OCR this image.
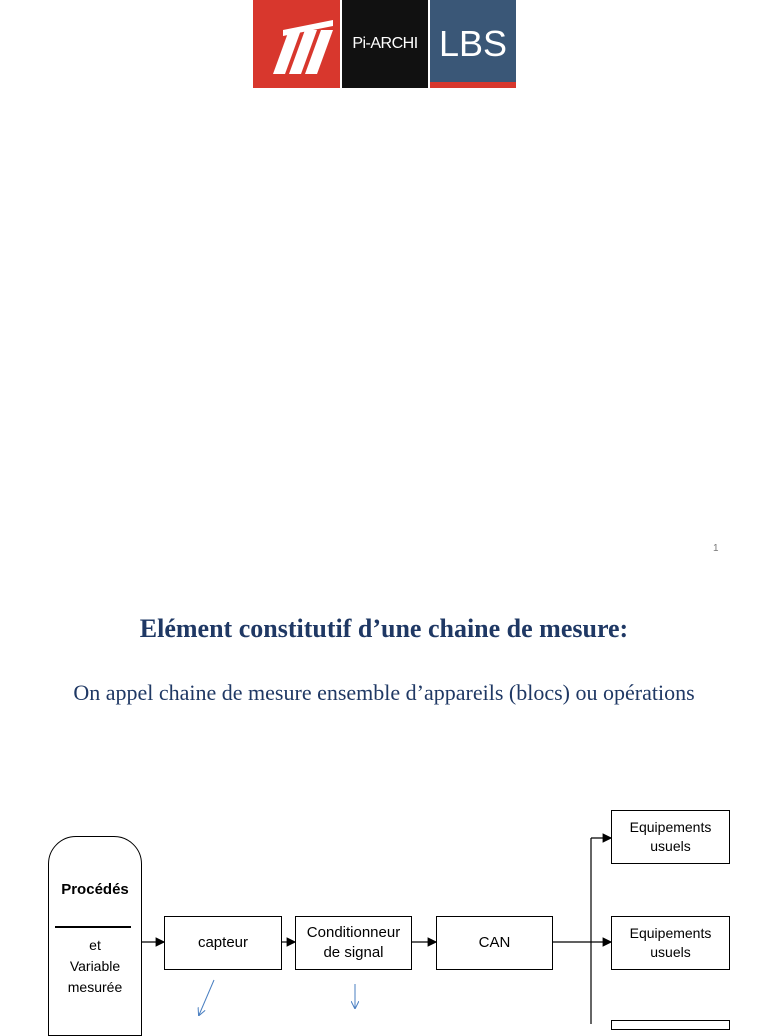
Pi-ARCHI LBS
1
Elément constitutif d’une chaine de mesure:
On appel chaine de mesure ensemble d’appareils (blocs) ou opérations
Procédés
et
Variable
mesurée
capteur
Conditionneur
de signal
CAN
Equipements
usuels
Equipements
usuels
